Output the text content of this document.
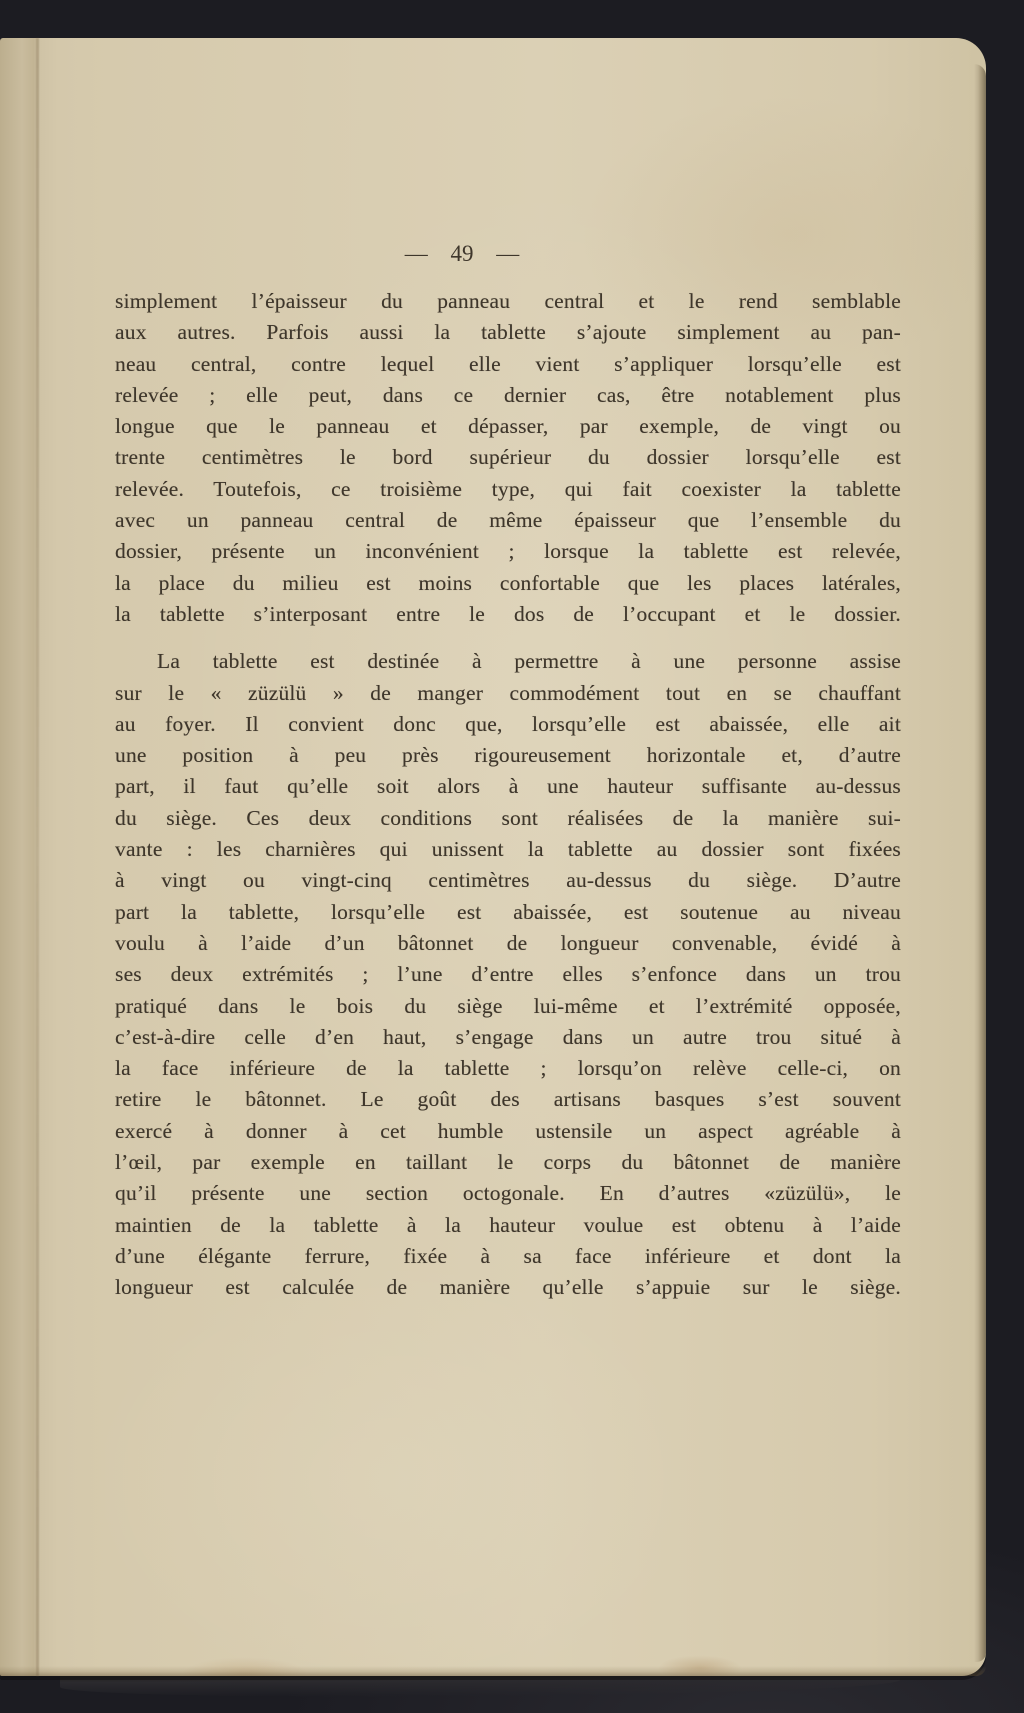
— 49 —
simplement l’épaisseur du panneau central et le rend semblable
aux autres. Parfois aussi la tablette s’ajoute simplement au pan-
neau central, contre lequel elle vient s’appliquer lorsqu’elle est
relevée ; elle peut, dans ce dernier cas, être notablement plus
longue que le panneau et dépasser, par exemple, de vingt ou
trente centimètres le bord supérieur du dossier lorsqu’elle est
relevée. Toutefois, ce troisième type, qui fait coexister la tablette
avec un panneau central de même épaisseur que l’ensemble du
dossier, présente un inconvénient ; lorsque la tablette est relevée,
la place du milieu est moins confortable que les places latérales,
la tablette s’interposant entre le dos de l’occupant et le dossier.
La tablette est destinée à permettre à une personne assise
sur le « züzülü » de manger commodément tout en se chauffant
au foyer. Il convient donc que, lorsqu’elle est abaissée, elle ait
une position à peu près rigoureusement horizontale et, d’autre
part, il faut qu’elle soit alors à une hauteur suffisante au-dessus
du siège. Ces deux conditions sont réalisées de la manière sui-
vante : les charnières qui unissent la tablette au dossier sont fixées
à vingt ou vingt-cinq centimètres au-dessus du siège. D’autre
part la tablette, lorsqu’elle est abaissée, est soutenue au niveau
voulu à l’aide d’un bâtonnet de longueur convenable, évidé à
ses deux extrémités ; l’une d’entre elles s’enfonce dans un trou
pratiqué dans le bois du siège lui-même et l’extrémité opposée,
c’est-à-dire celle d’en haut, s’engage dans un autre trou situé à
la face inférieure de la tablette ; lorsqu’on relève celle-ci, on
retire le bâtonnet. Le goût des artisans basques s’est souvent
exercé à donner à cet humble ustensile un aspect agréable à
l’œil, par exemple en taillant le corps du bâtonnet de manière
qu’il présente une section octogonale. En d’autres «züzülü», le
maintien de la tablette à la hauteur voulue est obtenu à l’aide
d’une élégante ferrure, fixée à sa face inférieure et dont la
longueur est calculée de manière qu’elle s’appuie sur le siège.
